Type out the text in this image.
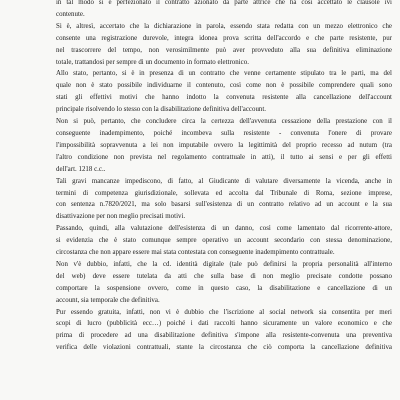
in tal modo si è perfezionato il contratto azionato da parte attrice che ha così accettato le clausole ivi
contenute.

Si è, altresì, accertato che la dichiarazione in parola, essendo stata redatta con un mezzo elettronico che
consente una registrazione durevole, integra idonea prova scritta dell'accordo e che parte resistente, pur
nel trascorrere del tempo, non verosimilmente può aver provveduto alla sua definitiva eliminazione
totale, trattandosi per sempre di un documento in formato elettronico.

Allo stato, pertanto, si è in presenza di un contratto che venne certamente stipulato tra le parti, ma del
quale non è stato possibile individuarne il contenuto, così come non è possibile comprendere quali sono
stati gli effettivi motivi che hanno indotto la convenuta resistente alla cancellazione dell'account
principale risolvendo lo stesso con la disabilitazione definitiva dell'account.

Non si può, pertanto, che concludere circa la certezza dell'avvenuta cessazione della prestazione con il
conseguente inadempimento, poiché incombeva sulla resistente - convenuta l'onere di provare
l'impossibilità sopravvenuta a lei non imputabile ovvero la legittimità del proprio recesso ad nutum (tra
l'altro condizione non prevista nel regolamento contrattuale in atti), il tutto ai sensi e per gli effetti
dell'art. 1218 c.c..

Tali gravi mancanze impediscono, di fatto, al Giudicante di valutare diversamente la vicenda, anche in
termini di competenza giurisdizionale, sollevata ed accolta dal Tribunale di Roma, sezione imprese,
con sentenza n.7820/2021, ma solo basarsi sull'esistenza di un contratto relativo ad un account e la sua
disattivazione per non meglio precisati motivi.

Passando, quindi, alla valutazione dell'esistenza di un danno, così come lamentato dal ricorrente-attore,
si evidenzia che è stato comunque sempre operativo un account secondario con stessa denominazione,
circostanza che non appare essere mai stata contestata con conseguente inadempimento contrattuale.

Non v'è dubbio, infatti, che la cd. identità digitale (tale può definirsi la propria personalità all'interno
del web) deve essere tutelata da atti che sulla base di non meglio precisate condotte possano
comportare la sospensione ovvero, come in questo caso, la disabilitazione e cancellazione di un
account, sia temporale che definitiva.

Pur essendo gratuita, infatti, non vi è dubbio che l'iscrizione al social network sia consentita per meri
scopi di lucro (pubblicità ecc…) poiché i dati raccolti hanno sicuramente un valore economico e che
prima di procedere ad una disabilitazione definitiva s'impone alla resistente-convenuta una preventiva
verifica delle violazioni contrattuali, stante la circostanza che ciò comporta la cancellazione definitiva
